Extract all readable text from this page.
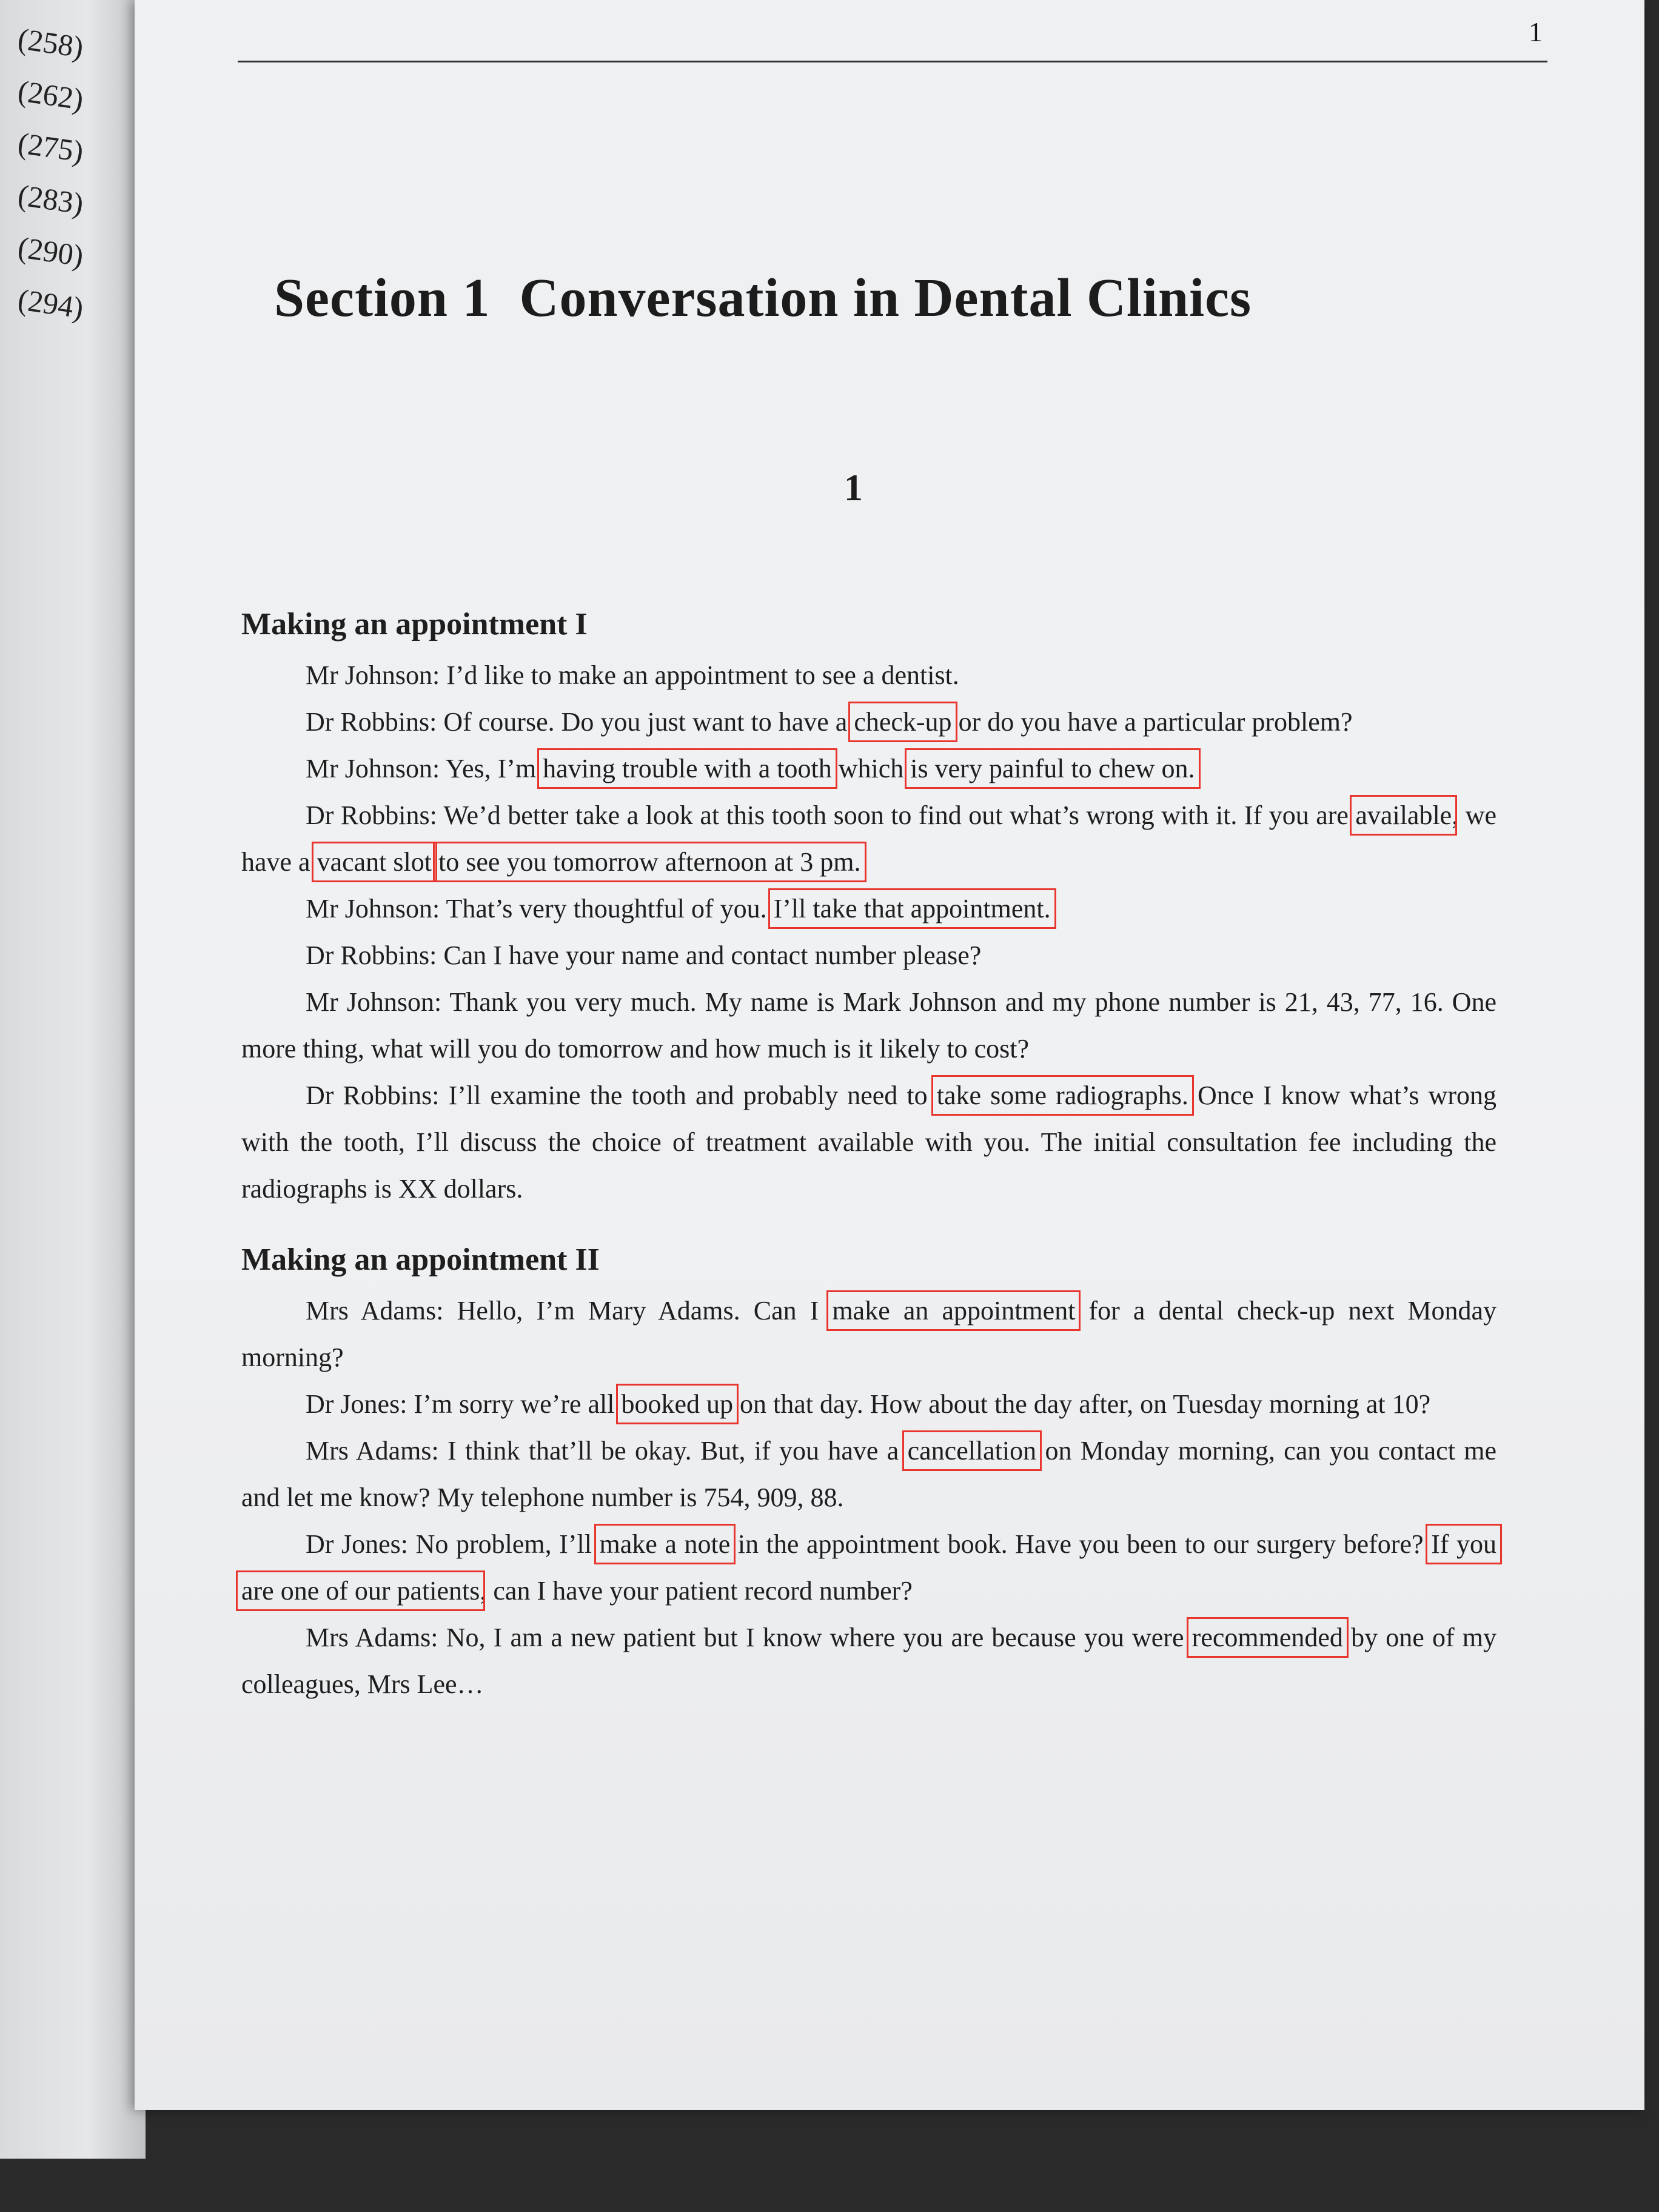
(258)
(262)
(275)
(283)
(290)
(294)
1
Section 1 Conversation in Dental Clinics
1
Making an appointment I

Mr Johnson: I’d like to make an appointment to see a dentist.

Dr Robbins: Of course. Do you just want to have a check-up or do you have a particular problem?

Mr Johnson: Yes, I’m having trouble with a tooth which is very painful to chew on.

Dr Robbins: We’d better take a look at this tooth soon to find out what’s wrong with it. If you are available, we have a vacant slot to see you tomorrow afternoon at 3 pm.

Mr Johnson: That’s very thoughtful of you. I’ll take that appointment.

Dr Robbins: Can I have your name and contact number please?

Mr Johnson: Thank you very much. My name is Mark Johnson and my phone number is 21, 43, 77, 16. One more thing, what will you do tomorrow and how much is it likely to cost?

Dr Robbins: I’ll examine the tooth and probably need to take some radiographs. Once I know what’s wrong with the tooth, I’ll discuss the choice of treatment available with you. The initial consultation fee including the radiographs is XX dollars.

Making an appointment II

Mrs Adams: Hello, I’m Mary Adams. Can I make an appointment for a dental check-up next Monday morning?

Dr Jones: I’m sorry we’re all booked up on that day. How about the day after, on Tuesday morning at 10?

Mrs Adams: I think that’ll be okay. But, if you have a cancellation on Monday morning, can you contact me and let me know? My telephone number is 754, 909, 88.

Dr Jones: No problem, I’ll make a note in the appointment book. Have you been to our surgery before? If you are one of our patients, can I have your patient record number?

Mrs Adams: No, I am a new patient but I know where you are because you were recommended by one of my colleagues, Mrs Lee…
